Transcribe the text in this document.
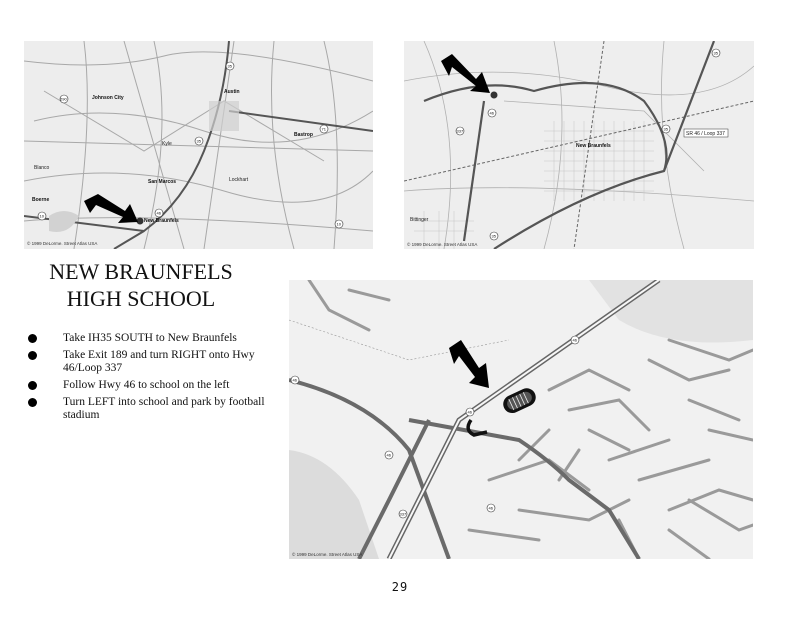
Johnson City
Austin
Bastrop
San Marcos	Lockhart
Kyle
Blanco
Boerne
New Braunfels
35
35
46
290
71
10
10
© 1999 DeLorme. Street Atlas USA
New Braunfels
Bittinger
SR 46 / Loop 337
35
35
46
337
35
© 1999 DeLorme. Street Atlas USA
NEW BRAUNFELS
HIGH SCHOOL
Take IH35 SOUTH to New Braunfels
Take Exit 189 and turn RIGHT onto Hwy 46/Loop 337
Follow Hwy 46 to school on the left
Turn LEFT into school and park by football stadium
46
46
46
46
46
337
© 1999 DeLorme. Street Atlas USA
29
